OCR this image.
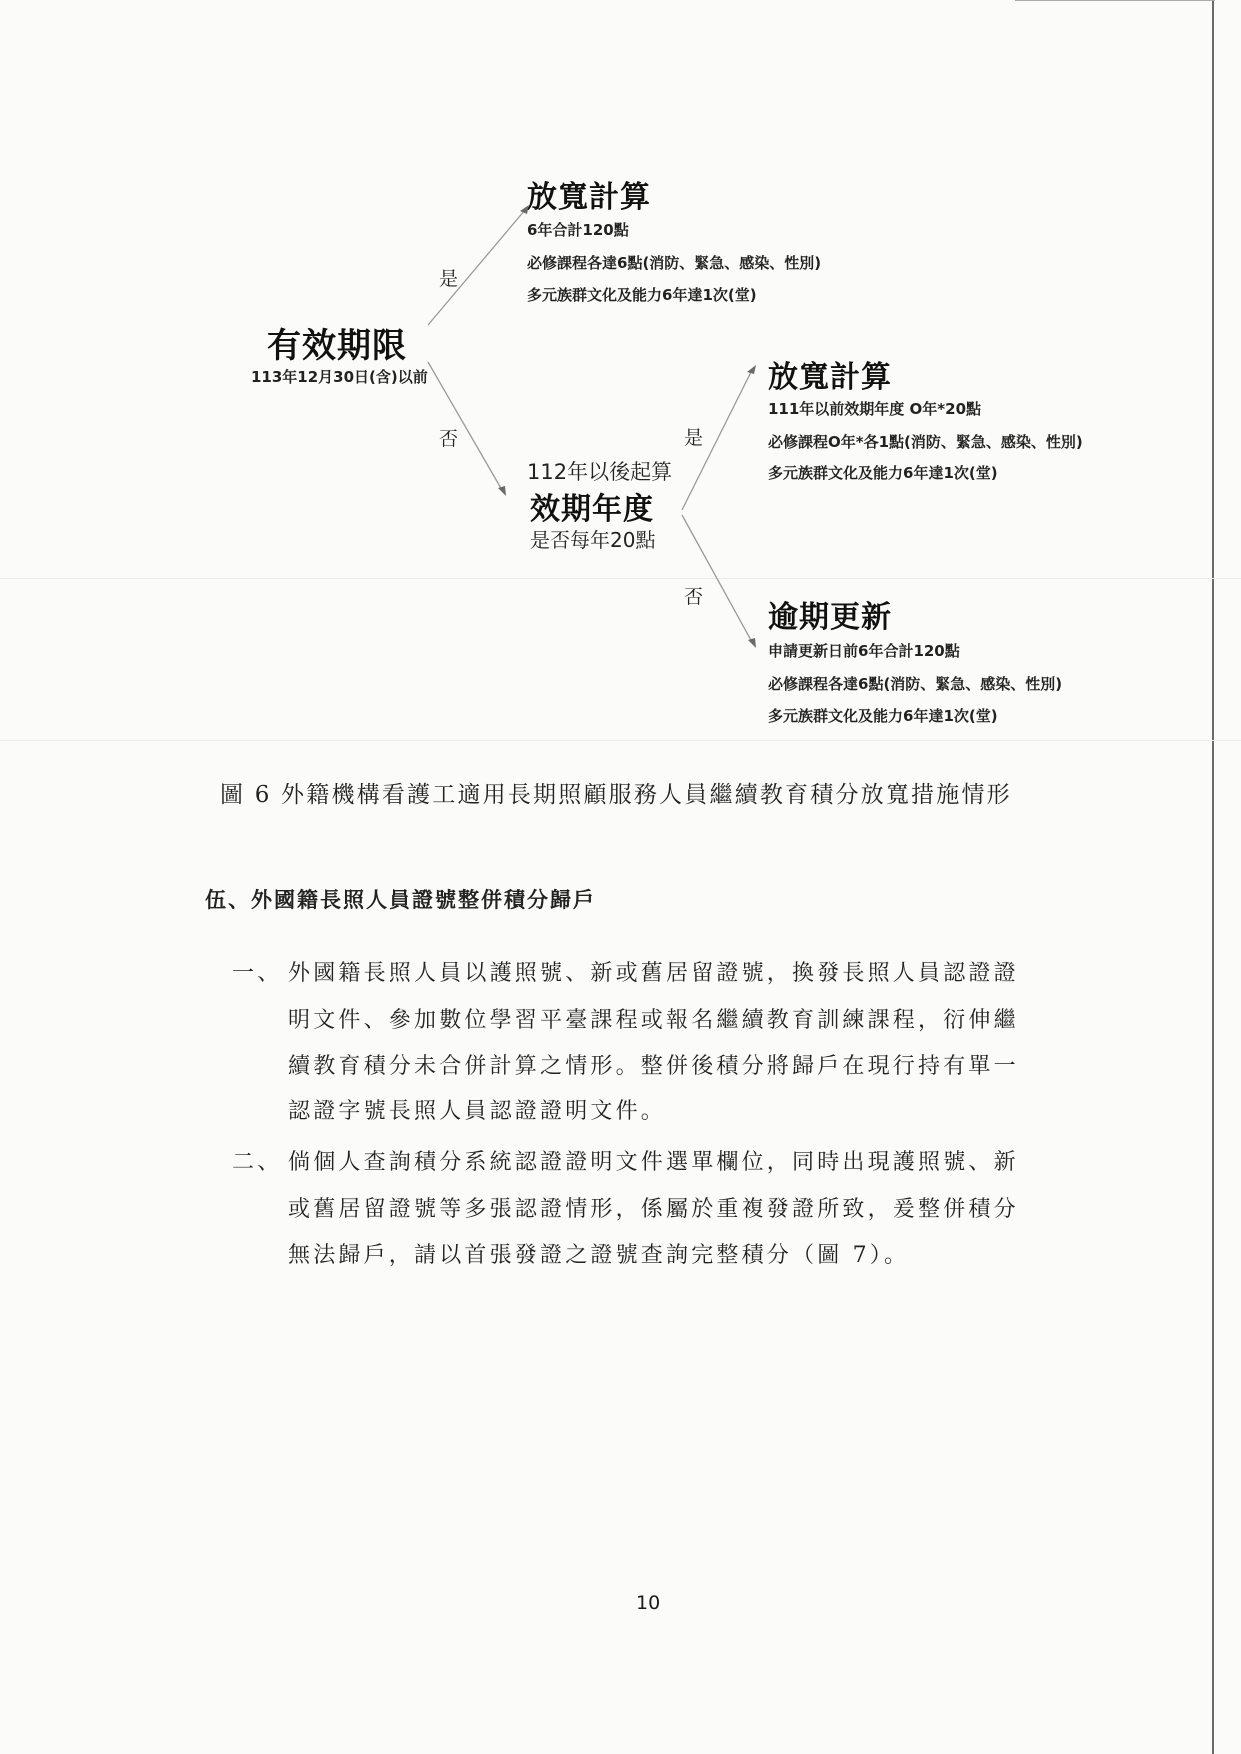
有效期限
113年12月30日(含)以前
是
否
放寬計算
6年合計120點
必修課程各達6點(消防、緊急、感染、性別)
多元族群文化及能力6年達1次(堂)
112年以後起算
效期年度
是否每年20點
是
否
放寬計算
111年以前效期年度 O年*20點
必修課程O年*各1點(消防、緊急、感染、性別)
多元族群文化及能力6年達1次(堂)
逾期更新
申請更新日前6年合計120點
必修課程各達6點(消防、緊急、感染、性別)
多元族群文化及能力6年達1次(堂)
圖 6 外籍機構看護工適用長期照顧服務人員繼續教育積分放寬措施情形
伍、外國籍長照人員證號整併積分歸戶
一、 外國籍長照人員以護照號、新或舊居留證號，換發長照人員認證證
明文件、參加數位學習平臺課程或報名繼續教育訓練課程，衍伸繼
續教育積分未合併計算之情形。整併後積分將歸戶在現行持有單一
認證字號長照人員認證證明文件。
二、 倘個人查詢積分系統認證證明文件選單欄位，同時出現護照號、新
或舊居留證號等多張認證情形，係屬於重複發證所致，爰整併積分
無法歸戶，請以首張發證之證號查詢完整積分（圖 7）。
10
